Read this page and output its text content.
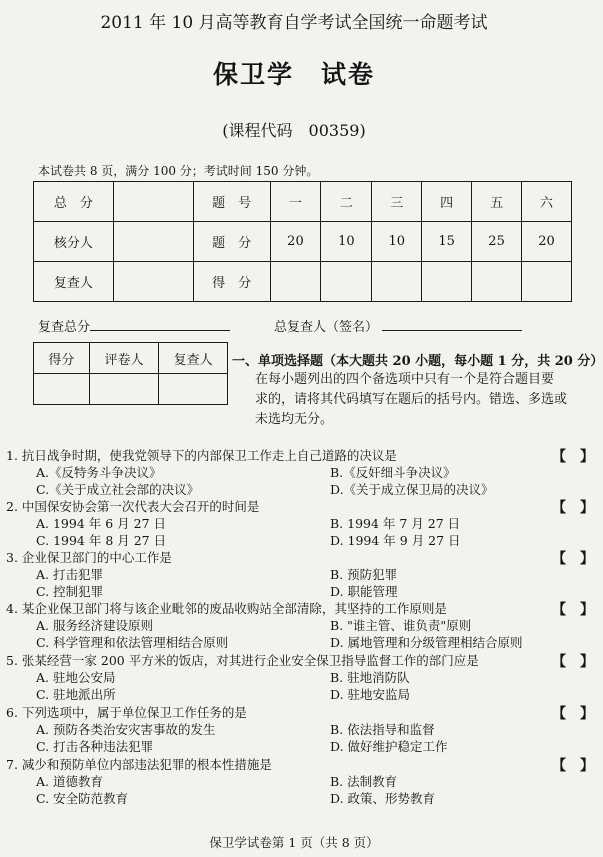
2011 年 10 月高等教育自学考试全国统一命题考试
保卫学　试卷
(课程代码　00359)
本试卷共 8 页，满分 100 分；考试时间 150 分钟。
总　分		题　号	一	二	三	四	五	六
核分人		题　分	20	10	10	15	25	20
复查人		得　分						
复查总分	总复查人（签名）
得分	评卷人	复查人
		一、单项选择题（本大题共 20 小题，每小题 1 分，共 20 分）
在每小题列出的四个备选项中只有一个是符合题目要
求的，请将其代码填写在题后的括号内。错选、多选或
未选均无分。
1. 抗日战争时期，使我党领导下的内部保卫工作走上自己道路的决议是	【　】
A.《反特务斗争决议》	B.《反奸细斗争决议》
C.《关于成立社会部的决议》	D.《关于成立保卫局的决议》
2. 中国保安协会第一次代表大会召开的时间是	【　】
A. 1994 年 6 月 27 日	B. 1994 年 7 月 27 日
C. 1994 年 8 月 27 日	D. 1994 年 9 月 27 日
3. 企业保卫部门的中心工作是	【　】
A. 打击犯罪	B. 预防犯罪
C. 控制犯罪	D. 职能管理
4. 某企业保卫部门将与该企业毗邻的废品收购站全部清除，其坚持的工作原则是	【　】
A. 服务经济建设原则	B. "谁主管、谁负责"原则
C. 科学管理和依法管理相结合原则	D. 属地管理和分级管理相结合原则
5. 张某经营一家 200 平方米的饭店，对其进行企业安全保卫指导监督工作的部门应是	【　】
A. 驻地公安局	B. 驻地消防队
C. 驻地派出所	D. 驻地安监局
6. 下列选项中，属于单位保卫工作任务的是	【　】
A. 预防各类治安灾害事故的发生	B. 依法指导和监督
C. 打击各种违法犯罪	D. 做好维护稳定工作
7. 减少和预防单位内部违法犯罪的根本性措施是	【　】
A. 道德教育	B. 法制教育
C. 安全防范教育	D. 政策、形势教育
保卫学试卷第 1 页（共 8 页）
